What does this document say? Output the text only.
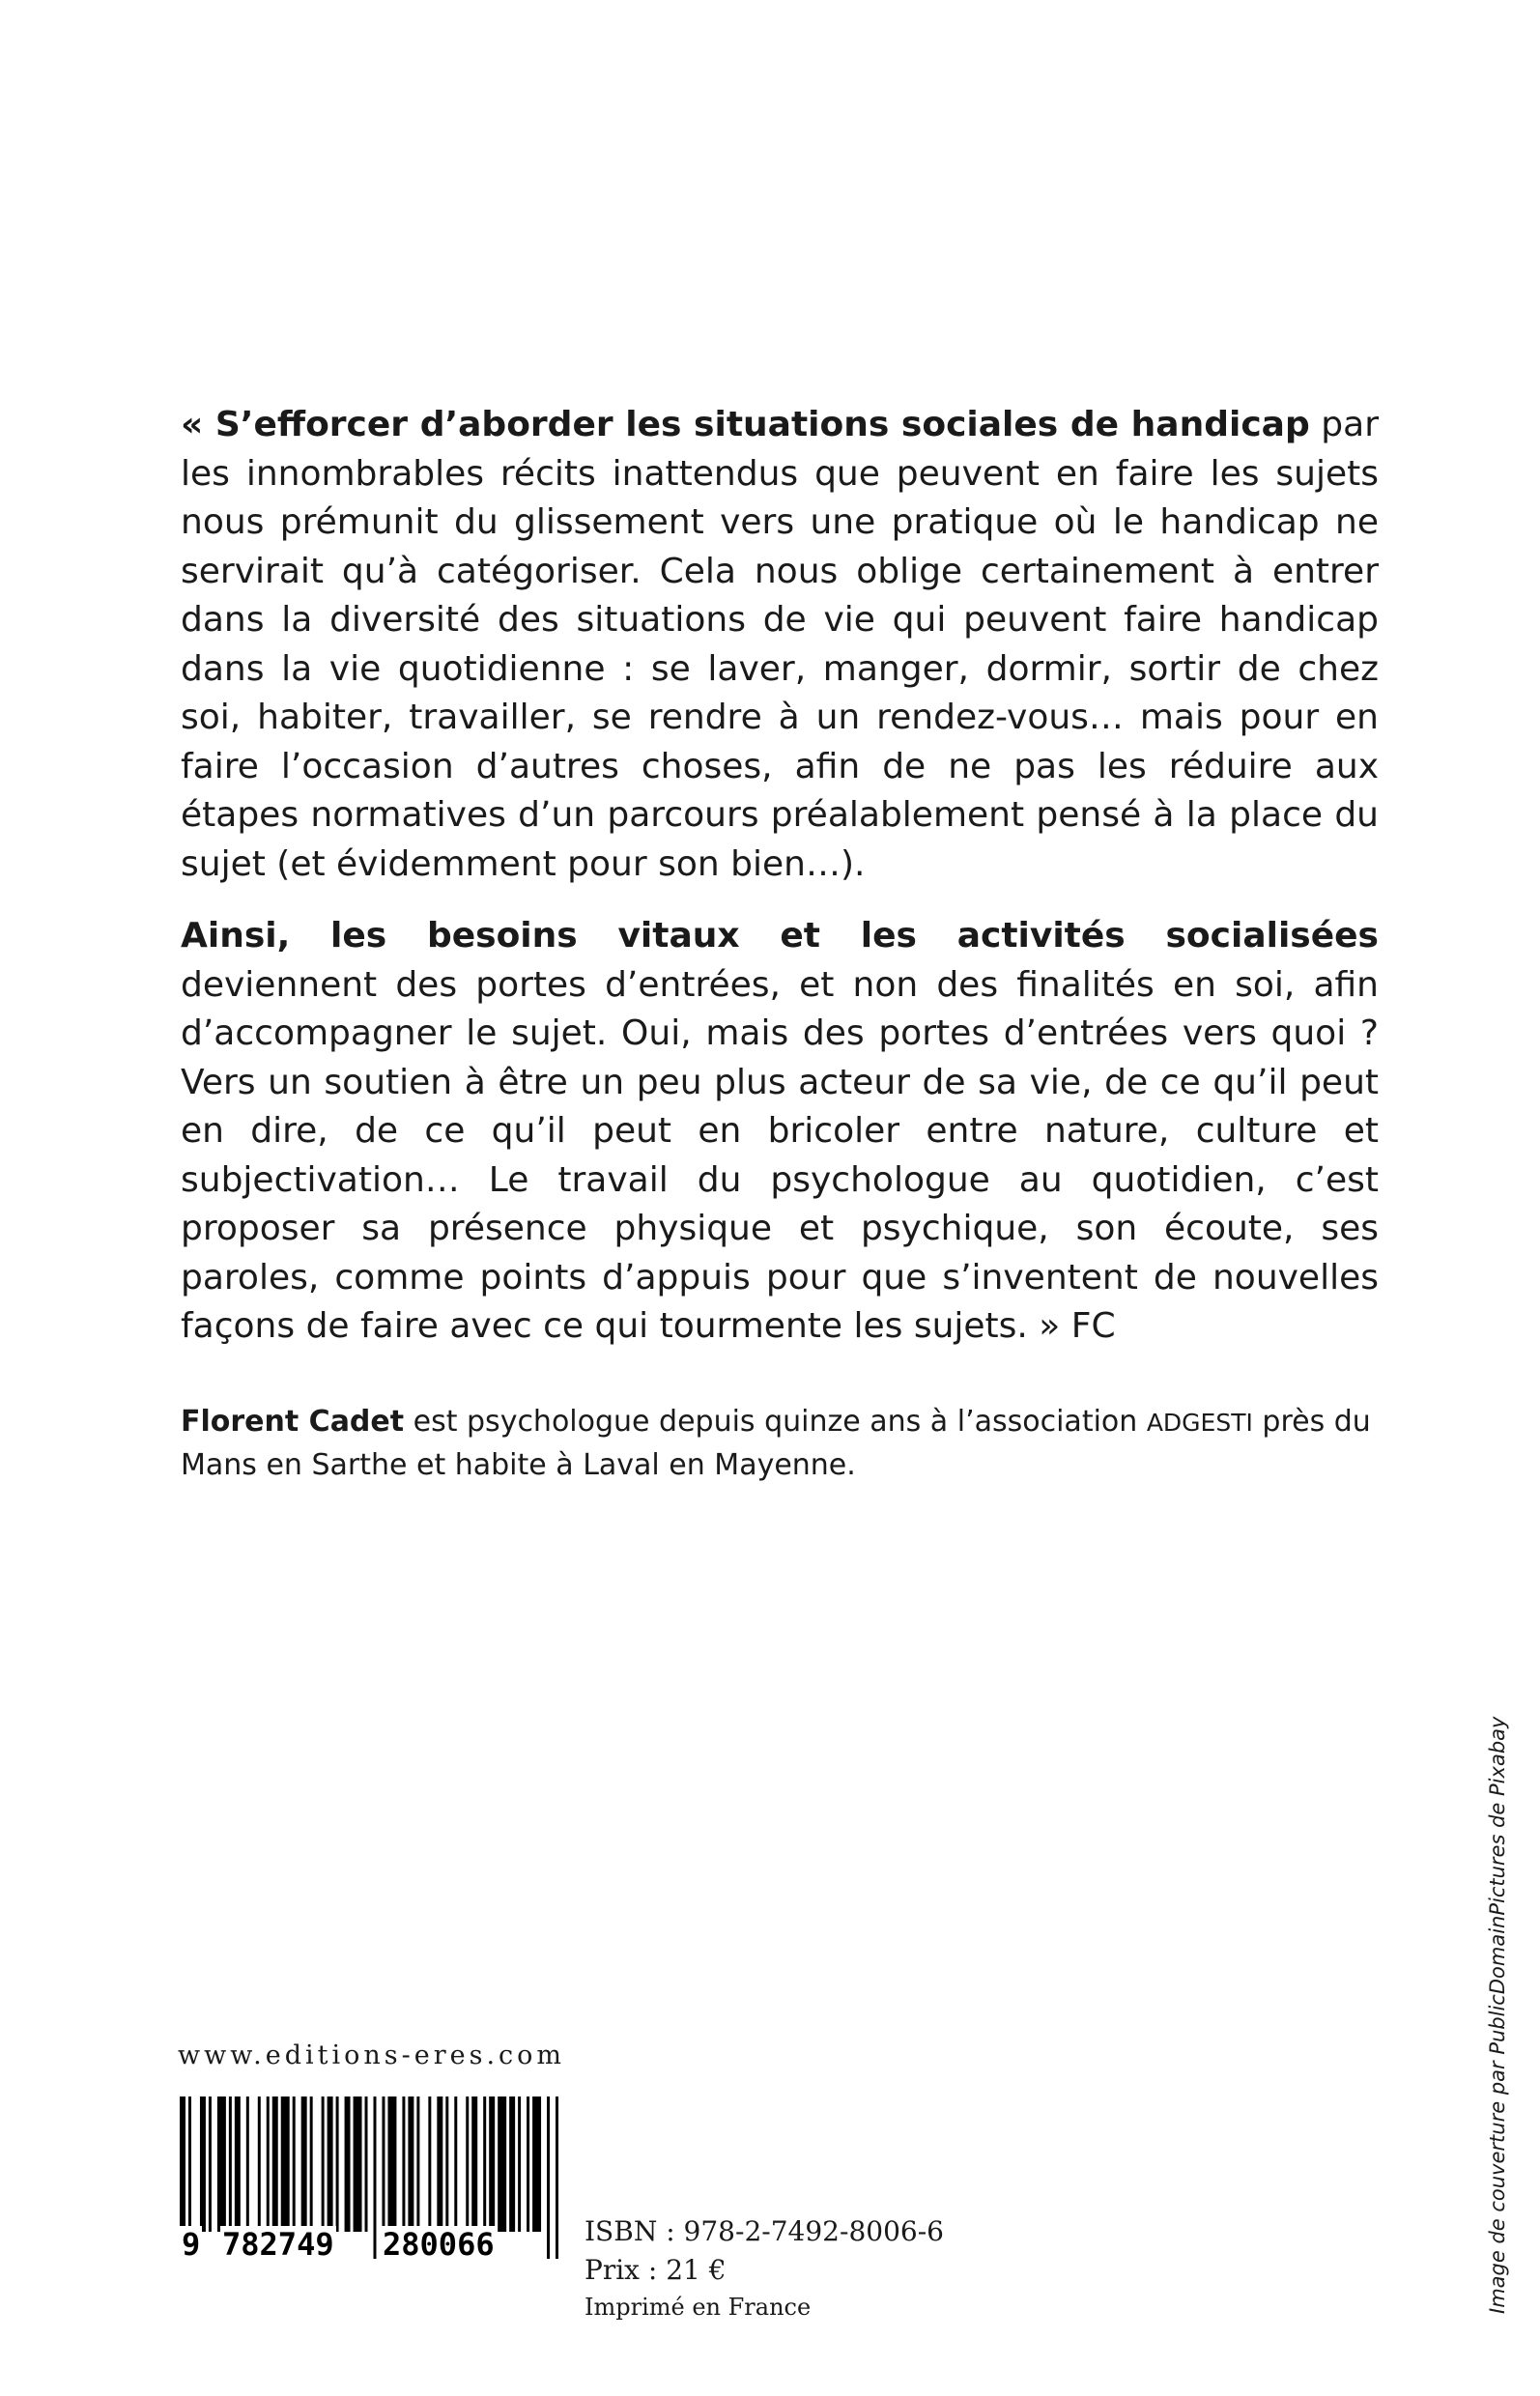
« S’efforcer d’aborder les situations sociales de handicap par les innombrables récits inattendus que peuvent en faire les sujets nous prémunit du glissement vers une pratique où le handicap ne servirait qu’à catégoriser. Cela nous oblige certainement à entrer dans la diversité des situations de vie qui peuvent faire handicap dans la vie quotidienne : se laver, manger, dormir, sortir de chez soi, habiter, travailler, se rendre à un rendez-vous… mais pour en faire l’occasion d’autres choses, afin de ne pas les réduire aux étapes normatives d’un parcours préalablement pensé à la place du sujet (et évidemment pour son bien…).

Ainsi, les besoins vitaux et les activités socialisées deviennent des portes d’entrées, et non des finalités en soi, afin d’accompagner le sujet. Oui, mais des portes d’entrées vers quoi ? Vers un soutien à être un peu plus acteur de sa vie, de ce qu’il peut en dire, de ce qu’il peut en bricoler entre nature, culture et subjectivation… Le travail du psychologue au quotidien, c’est proposer sa présence physique et psychique, son écoute, ses paroles, comme points d’appuis pour que s’inventent de nouvelles façons de faire avec ce qui tourmente les sujets. » FC

Florent Cadet est psychologue depuis quinze ans à l’association ADGESTI près du Mans en Sarthe et habite à Laval en Mayenne.
www.editions-eres.com
9 782749 280066	ISBN : 978-2-7492-8006-6
Prix : 21 €
Imprimé en France	Image de couverture par PublicDomainPictures de Pixabay
